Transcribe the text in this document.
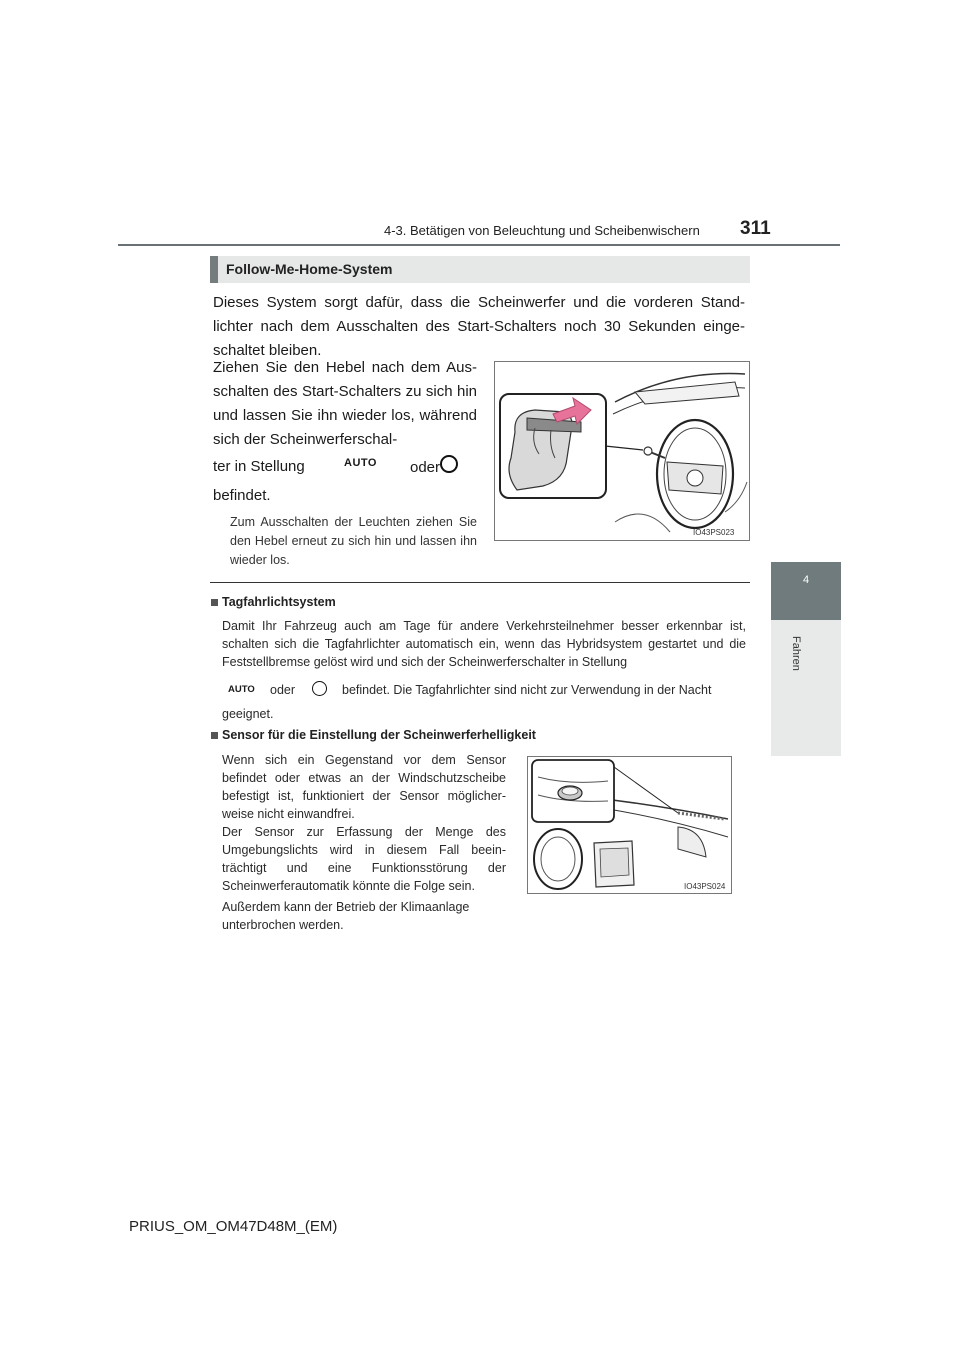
4-3. Betätigen von Beleuchtung und Scheibenwischern 311
4
Fahren
Follow-Me-Home-System
Dieses System sorgt dafür, dass die Scheinwerfer und die vorderen Stand-lichter nach dem Ausschalten des Start-Schalters noch 30 Sekunden einge-schaltet bleiben.
Ziehen Sie den Hebel nach dem Aus-schalten des Start-Schalters zu sich hin und lassen Sie ihn wieder los, während sich der Scheinwerferschal-
ter in Stellung	AUTO oder
befindet.
Zum Ausschalten der Leuchten ziehen Sie den Hebel erneut zu sich hin und lassen ihn wieder los.
IO43PS023
Tagfahrlichtsystem
Damit Ihr Fahrzeug auch am Tage für andere Verkehrsteilnehmer besser erkennbar ist, schalten sich die Tagfahrlichter automatisch ein, wenn das Hybridsystem gestartet und die Feststellbremse gelöst wird und sich der Scheinwerferschalter in Stellung
AUTO oder	befindet. Die Tagfahrlichter sind nicht zur Verwendung in der Nacht
geeignet.
Sensor für die Einstellung der Scheinwerferhelligkeit
Wenn sich ein Gegenstand vor dem Sensor befindet oder etwas an der Windschutzscheibe befestigt ist, funktioniert der Sensor möglicher-weise nicht einwandfrei.
Der Sensor zur Erfassung der Menge des Umgebungslichts wird in diesem Fall beein-trächtigt und eine Funktionsstörung der Scheinwerferautomatik könnte die Folge sein.
Außerdem kann der Betrieb der Klimaanlage unterbrochen werden.
IO43PS024
PRIUS_OM_OM47D48M_(EM)
